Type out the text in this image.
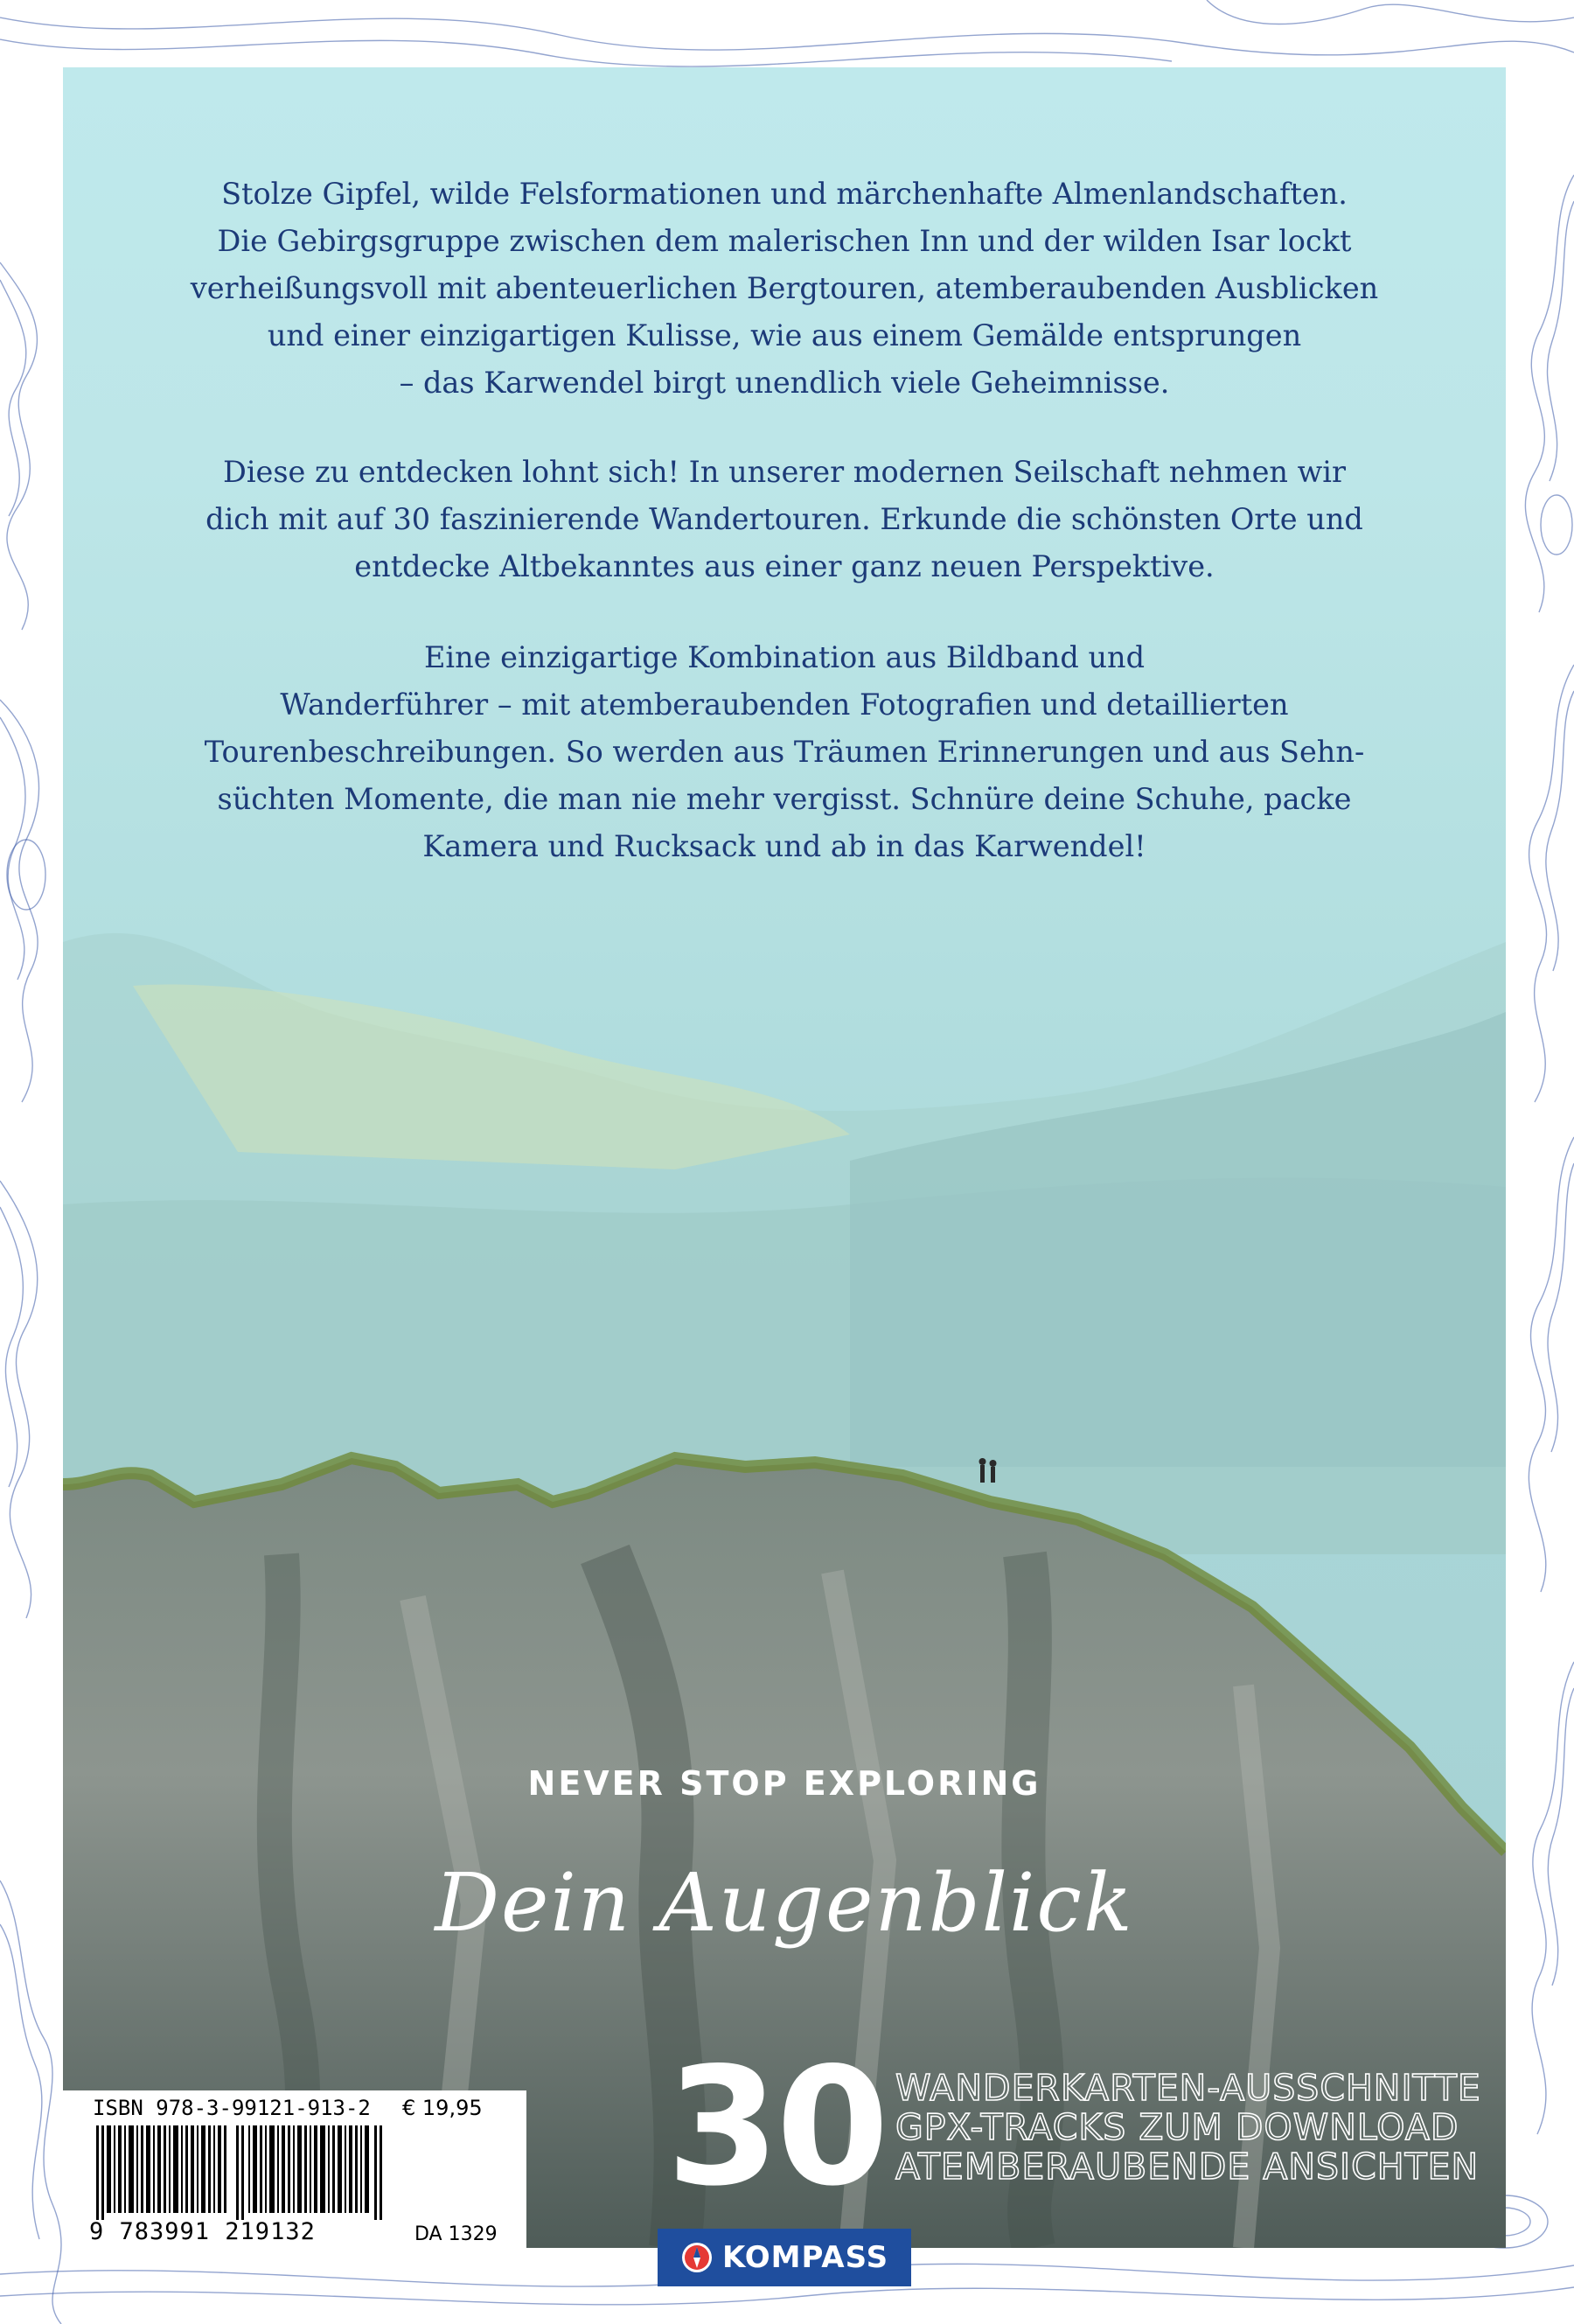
Stolze Gipfel, wilde Felsformationen und märchenhafte Almenlandschaften.

Die Gebirgsgruppe zwischen dem malerischen Inn und der wilden Isar lockt

verheißungsvoll mit abenteuerlichen Bergtouren, atemberaubenden Ausblicken

und einer einzigartigen Kulisse, wie aus einem Gemälde entsprungen

– das Karwendel birgt unendlich viele Geheimnisse.

Diese zu entdecken lohnt sich! In unserer modernen Seilschaft nehmen wir

dich mit auf 30 faszinierende Wandertouren. Erkunde die schönsten Orte und

entdecke Altbekanntes aus einer ganz neuen Perspektive.

Eine einzigartige Kombination aus Bildband und

Wanderführer – mit atemberaubenden Fotografien und detaillierten

Tourenbeschreibungen. So werden aus Träumen Erinnerungen und aus Sehn-

süchten Momente, die man nie mehr vergisst. Schnüre deine Schuhe, packe

Kamera und Rucksack und ab in das Karwendel!

NEVER STOP EXPLORING
Dein Augenblick
30 WANDERKARTEN-AUSSCHNITTE
GPX-TRACKS ZUM DOWNLOAD
ATEMBERAUBENDE ANSICHTEN
ISBN 978-3-99121-913-2 € 19,95
9 783991 219132	DA 1329
KOMPASS
